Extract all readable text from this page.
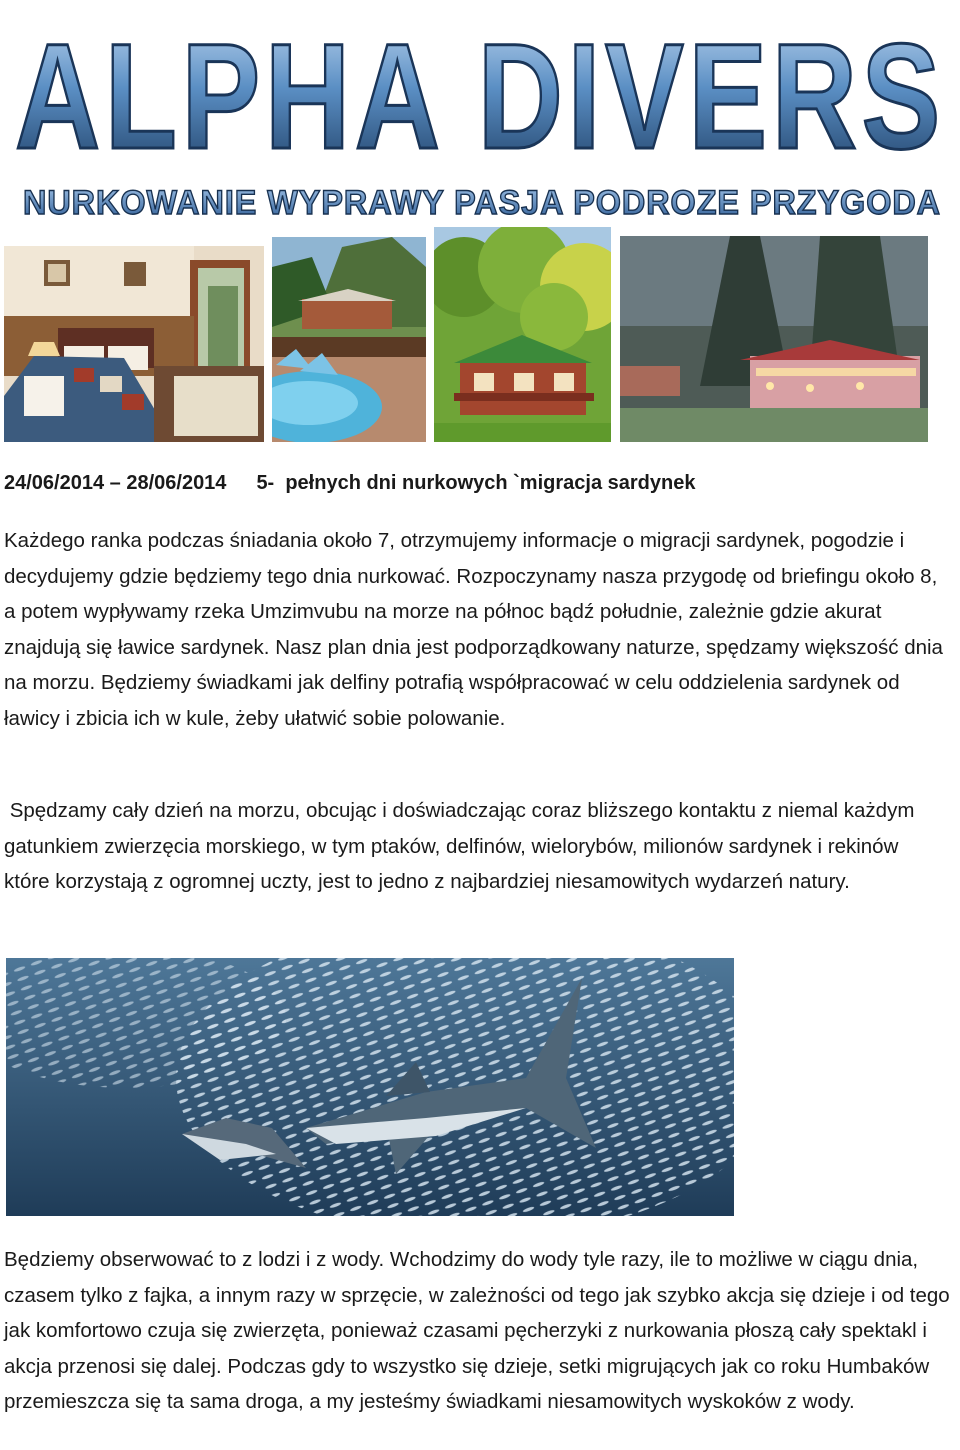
ALPHA DIVERS
NURKOWANIE WYPRAWY PASJA PODROZE PRZYGODA
24/06/2014 – 28/06/2014 5-  pełnych dni nurkowych `migracja sardynek

Każdego ranka podczas śniadania około 7, otrzymujemy informacje o migracji sardynek, pogodzie i decydujemy gdzie będziemy tego dnia nurkować. Rozpoczynamy nasza przygodę od briefingu około 8, a potem wypływamy rzeka Umzimvubu na morze na północ bądź południe, zależnie gdzie akurat znajdują się ławice sardynek. Nasz plan dnia jest podporządkowany naturze, spędzamy większość dnia na morzu. Będziemy świadkami jak delfiny potrafią współpracować w celu oddzielenia sardynek od ławicy i zbicia ich w kule, żeby ułatwić sobie polowanie.

Spędzamy cały dzień na morzu, obcując i doświadczając coraz bliższego kontaktu z niemal każdym gatunkiem zwierzęcia morskiego, w tym ptaków, delfinów, wielorybów, milionów sardynek i rekinów  które korzystają z ogromnej uczty, jest to jedno z najbardziej niesamowitych wydarzeń natury.

Będziemy obserwować to z lodzi i z wody. Wchodzimy do wody tyle razy, ile to możliwe w ciągu dnia, czasem tylko z fajka, a innym razy w sprzęcie, w zależności od tego jak szybko akcja się dzieje i od tego jak komfortowo czuja się zwierzęta, ponieważ czasami pęcherzyki z nurkowania płoszą cały spektakl i akcja przenosi się dalej. Podczas gdy to wszystko się dzieje, setki migrujących jak co roku Humbaków przemieszcza się ta sama droga, a my jesteśmy świadkami niesamowitych wyskoków z wody.
